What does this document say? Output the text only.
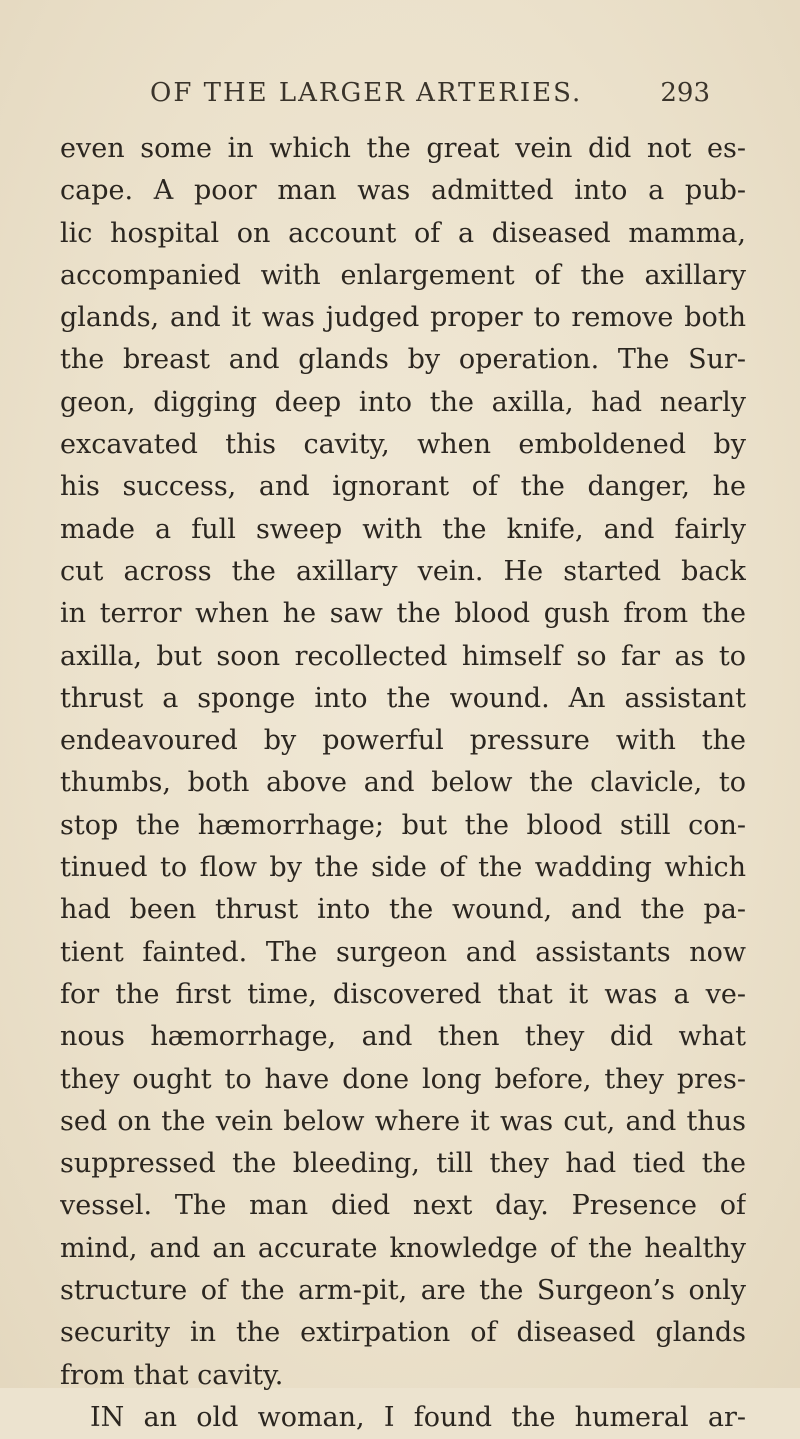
OF THE LARGER ARTERIES.	293
even some in which the great vein did not es-
cape. A poor man was admitted into a pub-
lic hospital on account of a diseased mamma,
accompanied with enlargement of the axillary
glands, and it was judged proper to remove both
the breast and glands by operation. The Sur-
geon, digging deep into the axilla, had nearly
excavated this cavity, when emboldened by
his success, and ignorant of the danger, he
made a full sweep with the knife, and fairly
cut across the axillary vein. He started back
in terror when he saw the blood gush from the
axilla, but soon recollected himself so far as to
thrust a sponge into the wound. An assistant
endeavoured by powerful pressure with the
thumbs, both above and below the clavicle, to
stop the hæmorrhage; but the blood still con-
tinued to flow by the side of the wadding which
had been thrust into the wound, and the pa-
tient fainted. The surgeon and assistants now
for the first time, discovered that it was a ve-
nous hæmorrhage, and then they did what
they ought to have done long before, they pres-
sed on the vein below where it was cut, and thus
suppressed the bleeding, till they had tied the
vessel. The man died next day. Presence of
mind, and an accurate knowledge of the healthy
structure of the arm-pit, are the Surgeon’s only
security in the extirpation of diseased glands
from that cavity.
IN an old woman, I found the humeral ar-
